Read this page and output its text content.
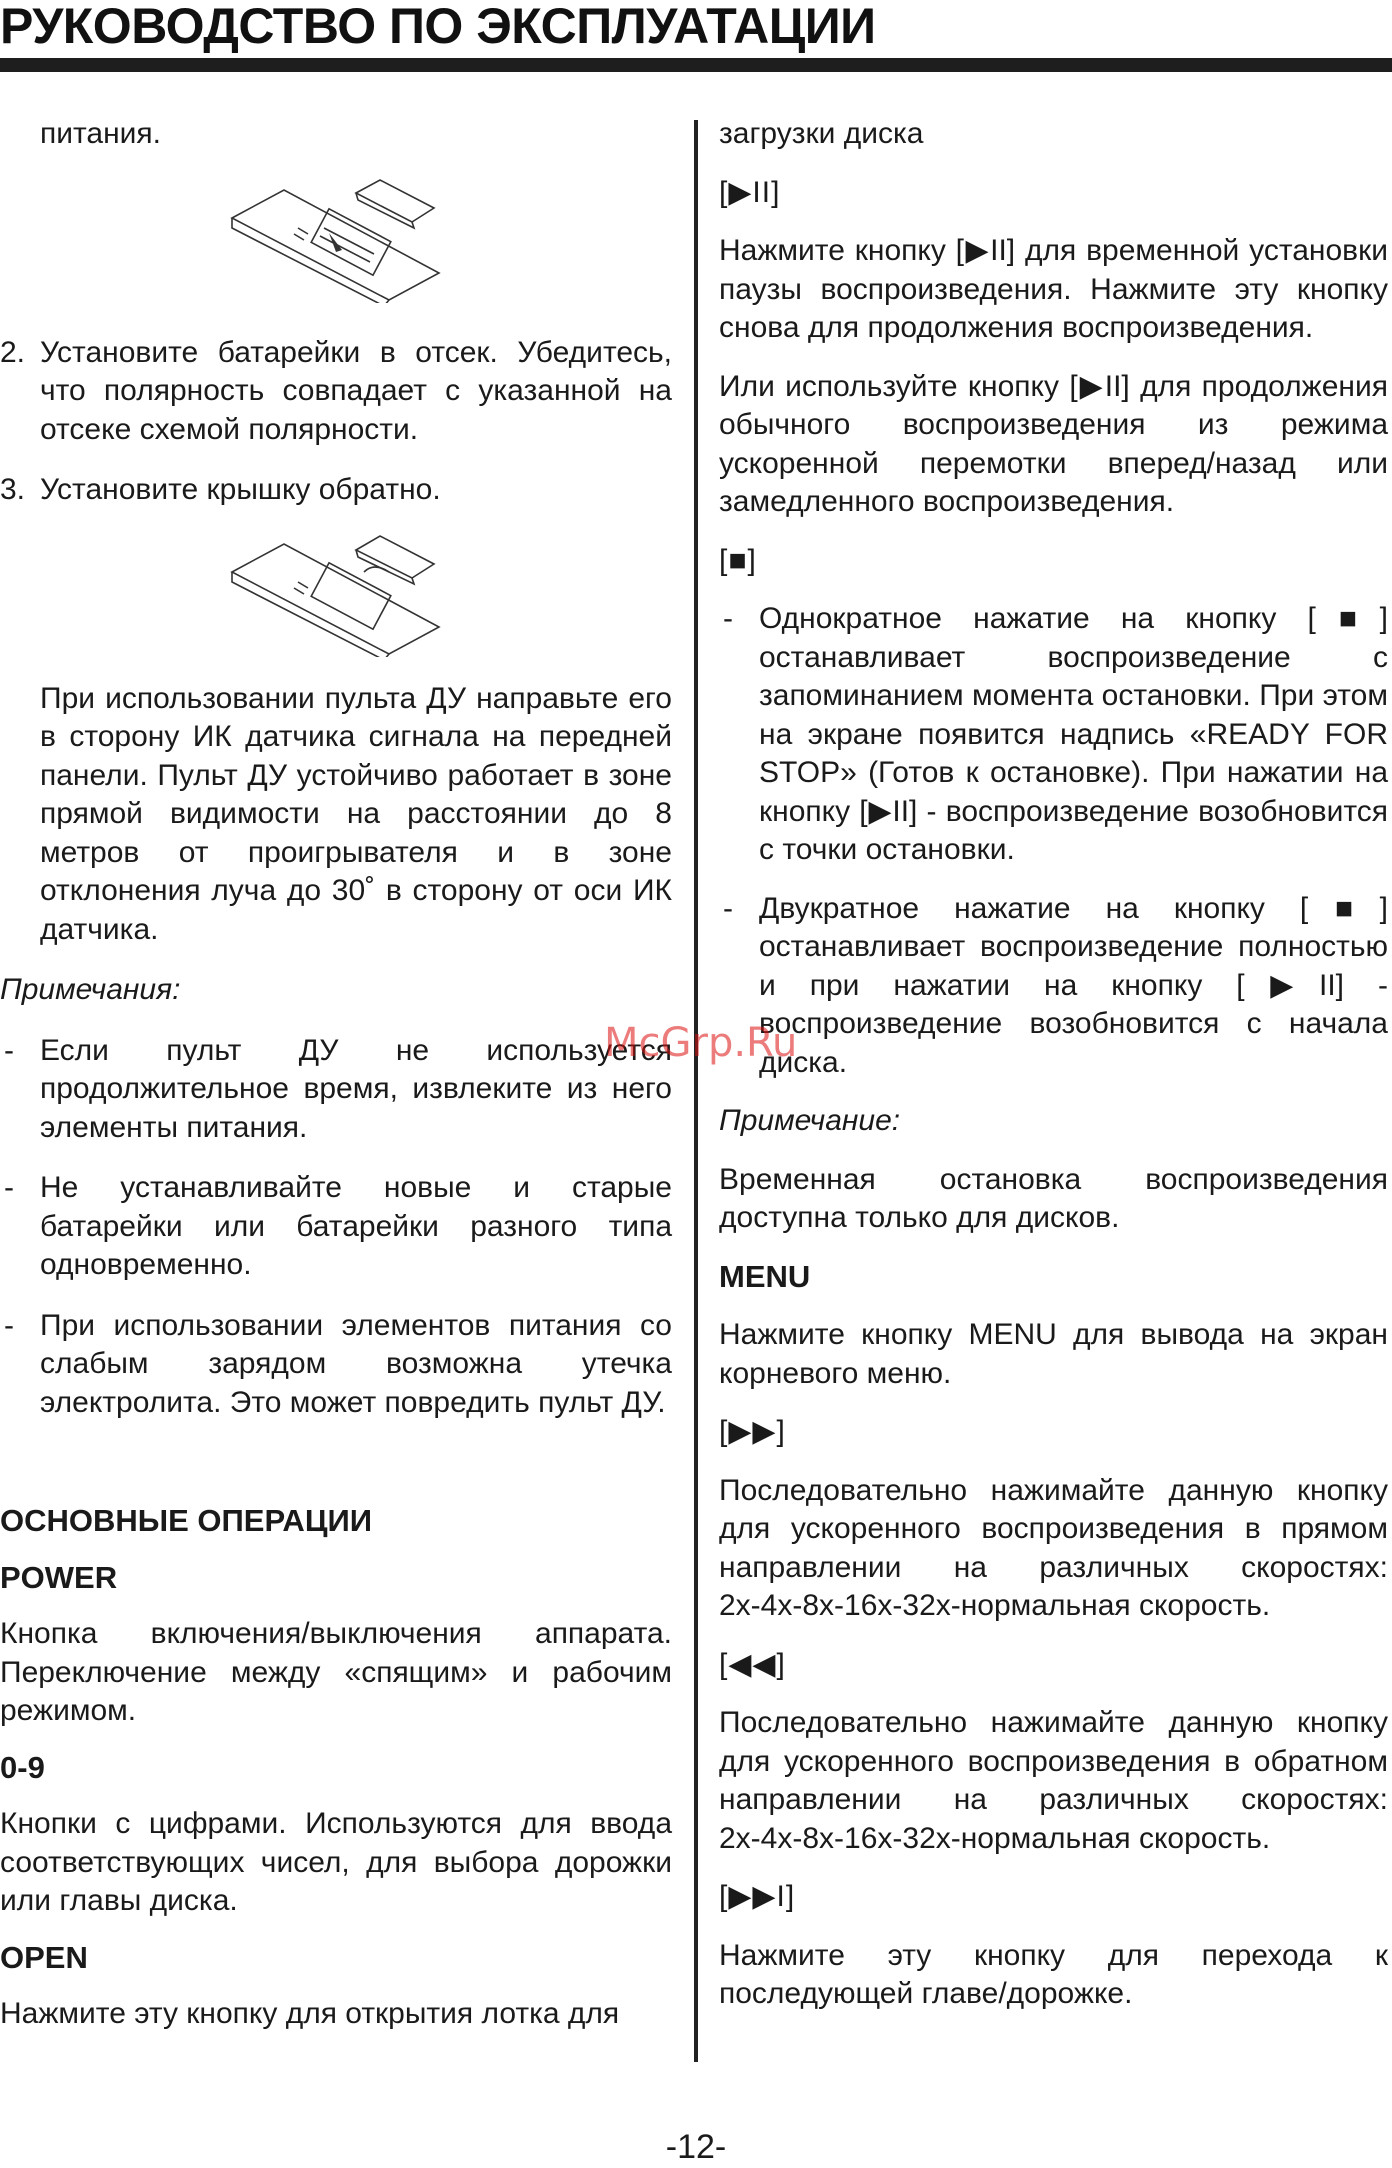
РУКОВОДСТВО ПО ЭКСПЛУАТАЦИИ

питания.

2. Установите батарейки в отсек. Убедитесь, что полярность совпадает с указанной на отсеке схемой полярности.
3. Установите крышку обратно.

При использовании пульта ДУ направьте его в сторону ИК датчика сигнала на передней панели. Пульт ДУ устойчиво работает в зоне прямой видимости на расстоянии до 8 метров от проигрывателя и в зоне отклонения луча до 30˚ в сторону от оси ИК датчика.

Примечания:

- Если пульт ДУ не используется продолжительное время, извлеките из него элементы питания.
- Не устанавливайте новые и старые батарейки или батарейки разного типа одновременно.
- При использовании элементов питания со слабым зарядом возможна утечка электролита. Это может повредить пульт ДУ.

ОСНОВНЫЕ ОПЕРАЦИИ

POWER

Кнопка включения/выключения аппарата. Переключение между «спящим» и рабочим режимом.

0-9

Кнопки с цифрами. Используются для ввода соответствующих чисел, для выбора дорожки или главы диска.

OPEN

Нажмите эту кнопку для открытия лотка для

загрузки диска

[▶II]

Нажмите кнопку [▶II] для временной установки паузы воспроизведения. Нажмите эту кнопку снова для продолжения воспроизведения.

Или используйте кнопку [▶II] для продолжения обычного воспроизведения из режима ускоренной перемотки вперед/назад или замедленного воспроизведения.

[■]

- Однократное нажатие на кнопку [■] останавливает воспроизведение с запоминанием момента остановки. При этом на экране появится надпись «READY FOR STOP» (Готов к остановке). При нажатии на кнопку [▶II] - воспроизведение возобновится с точки остановки.
- Двукратное нажатие на кнопку [■] останавливает воспроизведение полностью и при нажатии на кнопку [▶II] - воспроизведение возобновится с начала диска.

Примечание:

Временная остановка воспроизведения доступна только для дисков.

MENU

Нажмите кнопку MENU для вывода на экран корневого меню.

[▶▶]

Последовательно нажимайте данную кнопку для ускоренного воспроизведения в прямом направлении на различных скоростях: 2х-4х-8х-16х-32х-нормальная скорость.

[◀◀]

Последовательно нажимайте данную кнопку для ускоренного воспроизведения в обратном направлении на различных скоростях: 2х-4х-8х-16х-32х-нормальная скорость.

[▶▶I]

Нажмите эту кнопку для перехода к последующей главе/дорожке.

McGrp.Ru
-12-
